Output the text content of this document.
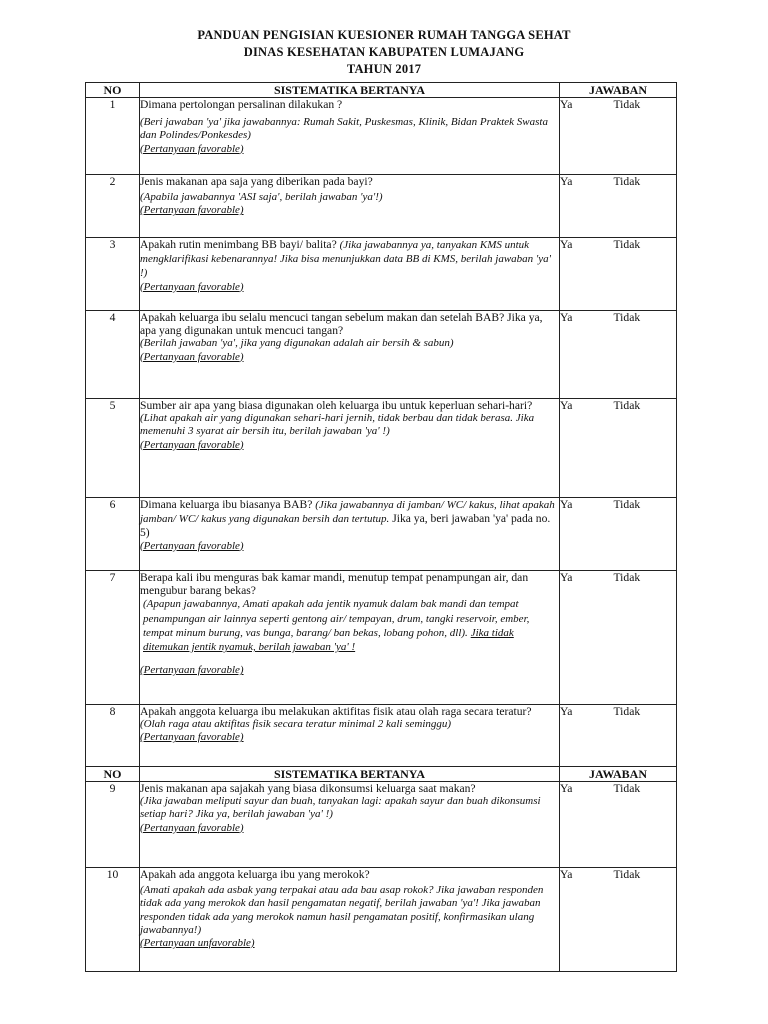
PANDUAN PENGISIAN KUESIONER RUMAH TANGGA SEHAT
DINAS KESEHATAN KABUPATEN LUMAJANG
TAHUN 2017
NO	SISTEMATIKA BERTANYA	JAWABAN	
1	Dimana pertolongan persalinan dilakukan ?
(Beri jawaban 'ya' jika jawabannya: Rumah Sakit, Puskesmas, Klinik, Bidan Praktek Swasta dan Polindes/Ponkesdes)
(Pertanyaan favorable)	Ya	Tidak
2	Jenis makanan apa saja yang diberikan pada bayi?
(Apabila jawabannya 'ASI saja', berilah jawaban 'ya'!)
(Pertanyaan favorable)	Ya	Tidak
3	Apakah rutin menimbang BB bayi/ balita? (Jika jawabannya ya, tanyakan KMS untuk mengklarifikasi kebenarannya! Jika bisa menunjukkan data BB di KMS, berilah jawaban 'ya' !)
(Pertanyaan favorable)	Ya	Tidak
4	Apakah keluarga ibu selalu mencuci tangan sebelum makan dan setelah BAB? Jika ya, apa yang digunakan untuk mencuci tangan?
(Berilah jawaban 'ya', jika yang digunakan adalah air bersih & sabun)
(Pertanyaan favorable)	Ya	Tidak
5	Sumber air apa yang biasa digunakan oleh keluarga ibu untuk keperluan sehari-hari?
(Lihat apakah air yang digunakan sehari-hari jernih, tidak berbau dan tidak berasa. Jika memenuhi 3 syarat air bersih itu, berilah jawaban 'ya' !)
(Pertanyaan favorable)	Ya	Tidak
6	Dimana keluarga ibu biasanya BAB? (Jika jawabannya di jamban/ WC/ kakus, lihat apakah jamban/ WC/ kakus yang digunakan bersih dan tertutup. Jika ya, beri jawaban 'ya' pada no. 5)
(Pertanyaan favorable)	Ya	Tidak
7	Berapa kali ibu menguras bak kamar mandi, menutup tempat penampungan air, dan mengubur barang bekas?
(Apapun jawabannya, Amati apakah ada jentik nyamuk dalam bak mandi dan tempat penampungan air lainnya seperti gentong air/ tempayan, drum, tangki reservoir, ember, tempat minum burung, vas bunga, barang/ ban bekas, lobang pohon, dll). Jika tidak ditemukan jentik nyamuk, berilah jawaban 'ya' !
(Pertanyaan favorable)	Ya	Tidak
8	Apakah anggota keluarga ibu melakukan aktifitas fisik atau olah raga secara teratur?
(Olah raga atau aktifitas fisik secara teratur minimal 2 kali seminggu)
(Pertanyaan favorable)	Ya	Tidak
NO	SISTEMATIKA BERTANYA	JAWABAN	
9	Jenis makanan apa sajakah yang biasa dikonsumsi keluarga saat makan?
(Jika jawaban meliputi sayur dan buah, tanyakan lagi: apakah sayur dan buah dikonsumsi setiap hari? Jika ya, berilah jawaban 'ya' !)
(Pertanyaan favorable)	Ya	Tidak
10	Apakah ada anggota keluarga ibu yang merokok?
(Amati apakah ada asbak yang terpakai atau ada bau asap rokok? Jika jawaban responden tidak ada yang merokok dan hasil pengamatan negatif, berilah jawaban 'ya'! Jika jawaban responden tidak ada yang merokok namun hasil pengamatan positif, konfirmasikan ulang jawabannya!)
(Pertanyaan unfavorable)	Ya	Tidak
